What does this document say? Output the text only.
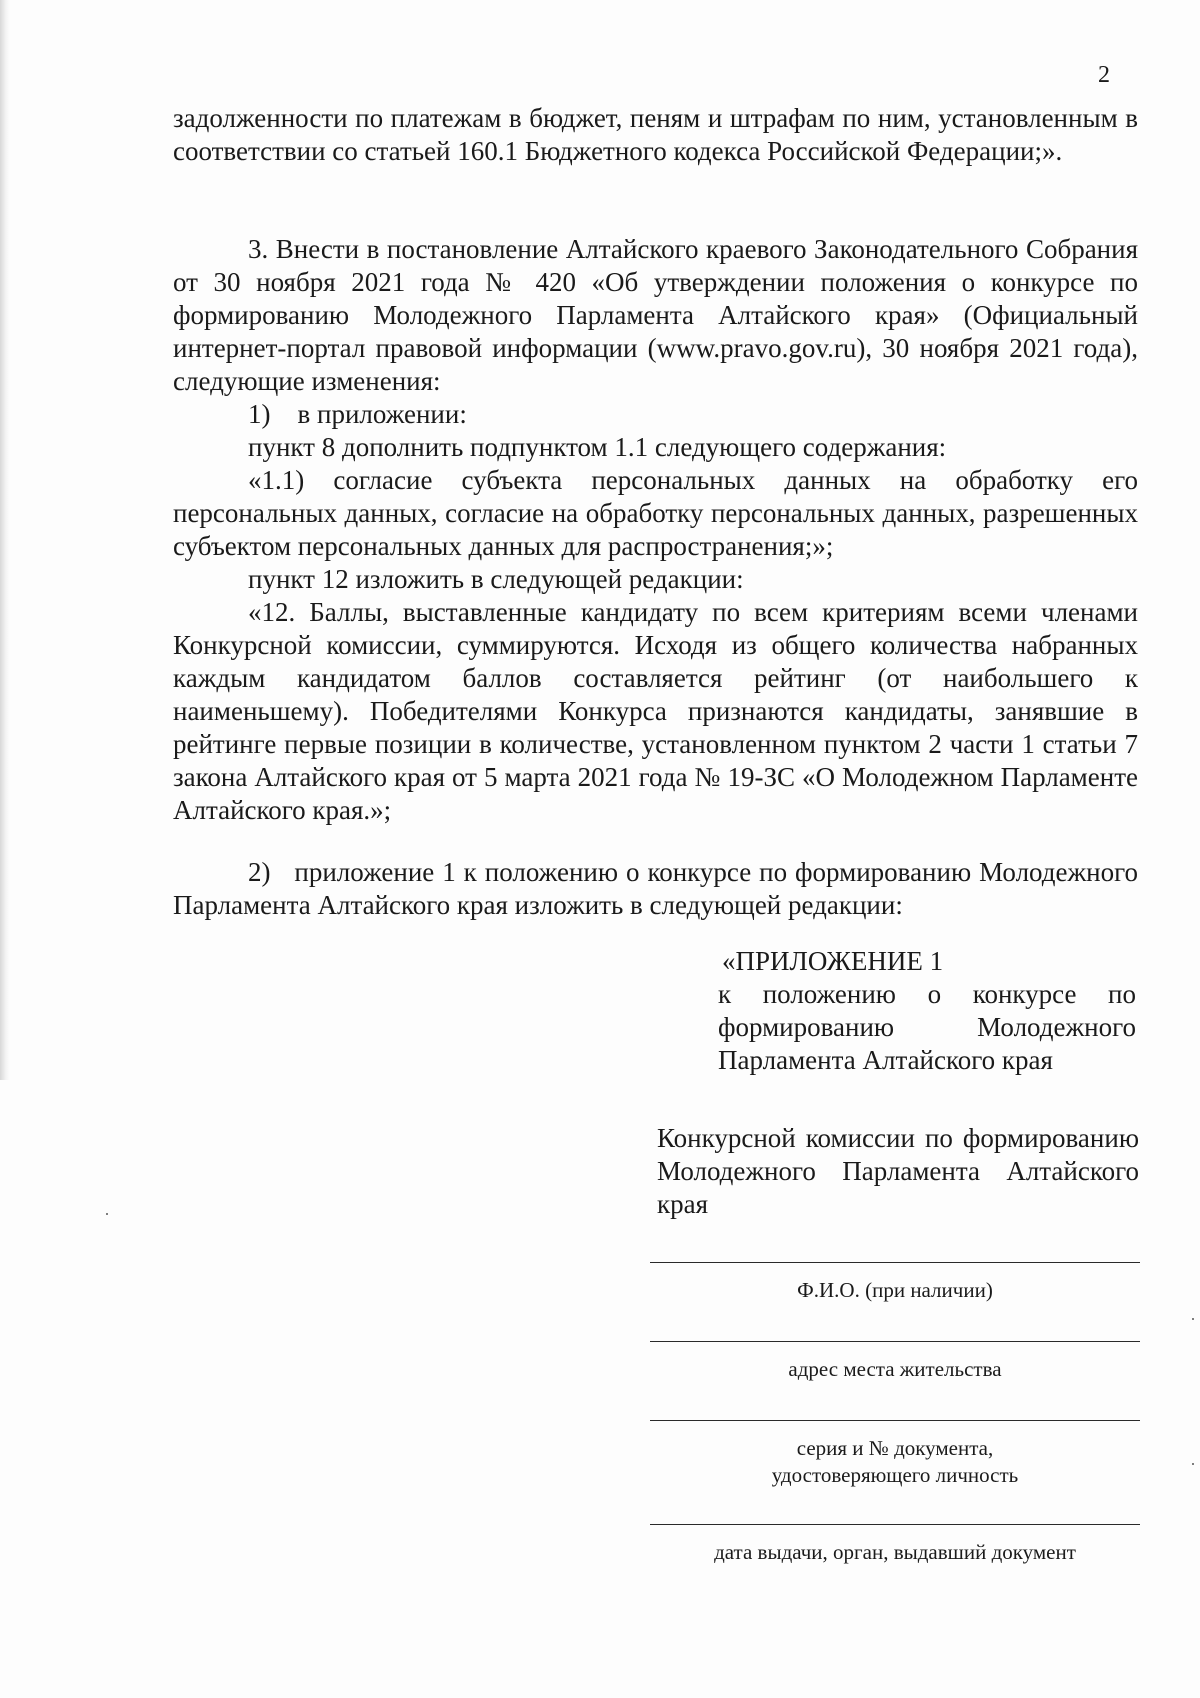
2

задолженности по платежам в бюджет, пеням и штрафам по ним, установленным в соответствии со статьей 160.1 Бюджетного кодекса Российской Федерации;».

3. Внести в постановление Алтайского краевого Законодательного Собрания от 30 ноября 2021 года № 420 «Об утверждении положения о конкурсе по формированию Молодежного Парламента Алтайского края» (Официальный интернет-портал правовой информации (www.pravo.gov.ru), 30 ноября 2021 года), следующие изменения:

1)    в приложении:

пункт 8 дополнить подпунктом 1.1 следующего содержания:

«1.1) согласие субъекта персональных данных на обработку его персональных данных, согласие на обработку персональных данных, разрешенных субъектом персональных данных для распространения;»;

пункт 12 изложить в следующей редакции:

«12. Баллы, выставленные кандидату по всем критериям всеми членами Конкурсной комиссии, суммируются. Исходя из общего количества набранных каждым кандидатом баллов составляется рейтинг (от наибольшего к наименьшему). Победителями Конкурса признаются кандидаты, занявшие в рейтинге первые позиции в количестве, установленном пунктом 2 части 1 статьи 7 закона Алтайского края от 5 марта 2021 года № 19-ЗС «О Молодежном Парламенте Алтайского края.»;

2)   приложение 1 к положению о конкурсе по формированию Молодежного Парламента Алтайского края изложить в следующей редакции:

«ПРИЛОЖЕНИЕ 1
к положению о конкурсе по формированию Молодежного Парламента Алтайского края
Конкурсной комиссии по формированию Молодежного Парламента Алтайского края
Ф.И.О. (при наличии)
адрес места жительства
серия и № документа,
удостоверяющего личность
дата выдачи, орган, выдавший документ
